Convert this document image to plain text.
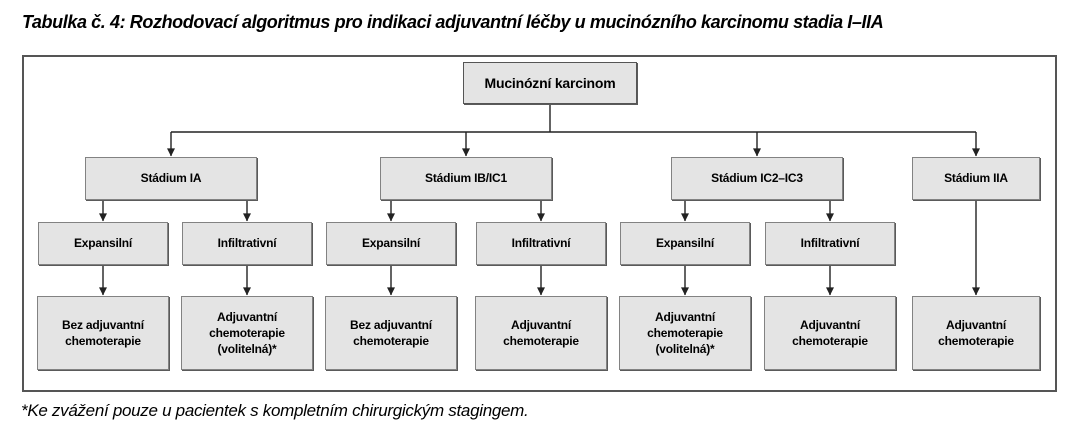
Tabulka č. 4: Rozhodovací algoritmus pro indikaci adjuvantní léčby u mucinózního karcinomu stadia I–IIA
Mucinózní karcinom
Stádium IA	Stádium IB/IC1	Stádium IC2–IC3	Stádium IIA
Expansilní	Infiltrativní	Expansilní	Infiltrativní	Expansilní	Infiltrativní
Bez adjuvantní chemoterapie
Adjuvantní chemoterapie (volitelná)*
Bez adjuvantní chemoterapie
Adjuvantní chemoterapie
Adjuvantní chemoterapie (volitelná)*
Adjuvantní chemoterapie
Adjuvantní chemoterapie
*Ke zvážení pouze u pacientek s kompletním chirurgickým stagingem.
